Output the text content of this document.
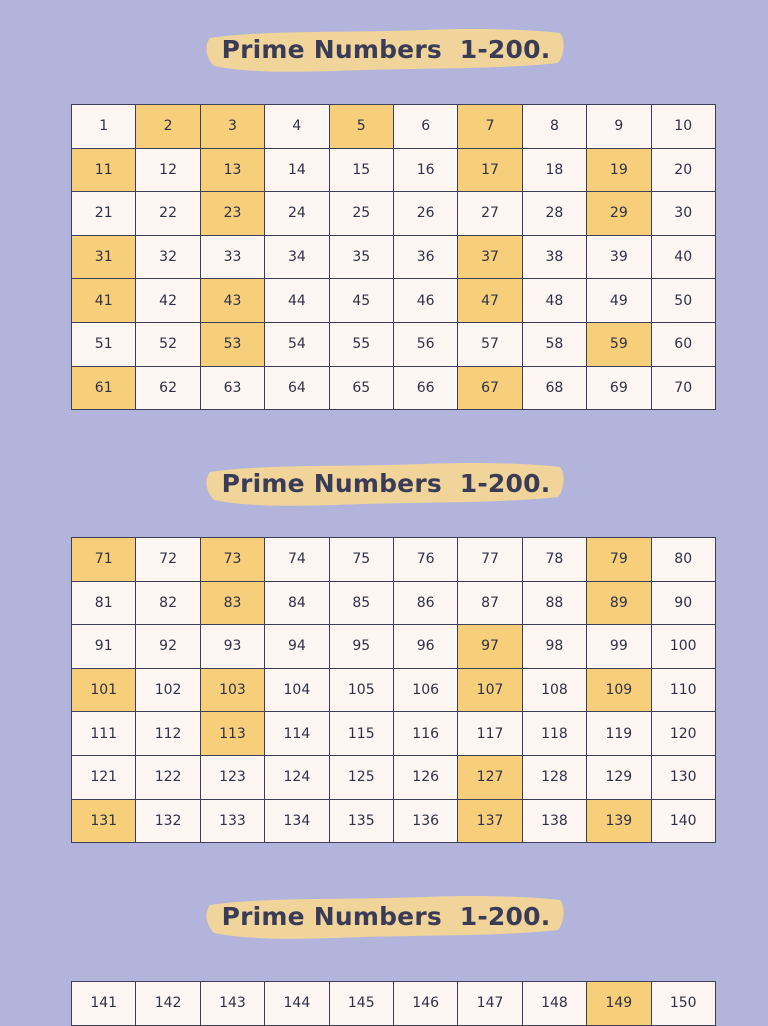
Prime Numbers  1-200.
1	2	3	4	5	6	7	8	9	10
11	12	13	14	15	16	17	18	19	20
21	22	23	24	25	26	27	28	29	30
31	32	33	34	35	36	37	38	39	40
41	42	43	44	45	46	47	48	49	50
51	52	53	54	55	56	57	58	59	60
61	62	63	64	65	66	67	68	69	70
Prime Numbers  1-200.
71	72	73	74	75	76	77	78	79	80
81	82	83	84	85	86	87	88	89	90
91	92	93	94	95	96	97	98	99	100
101	102	103	104	105	106	107	108	109	110
111	112	113	114	115	116	117	118	119	120
121	122	123	124	125	126	127	128	129	130
131	132	133	134	135	136	137	138	139	140
Prime Numbers  1-200.
141	142	143	144	145	146	147	148	149	150
